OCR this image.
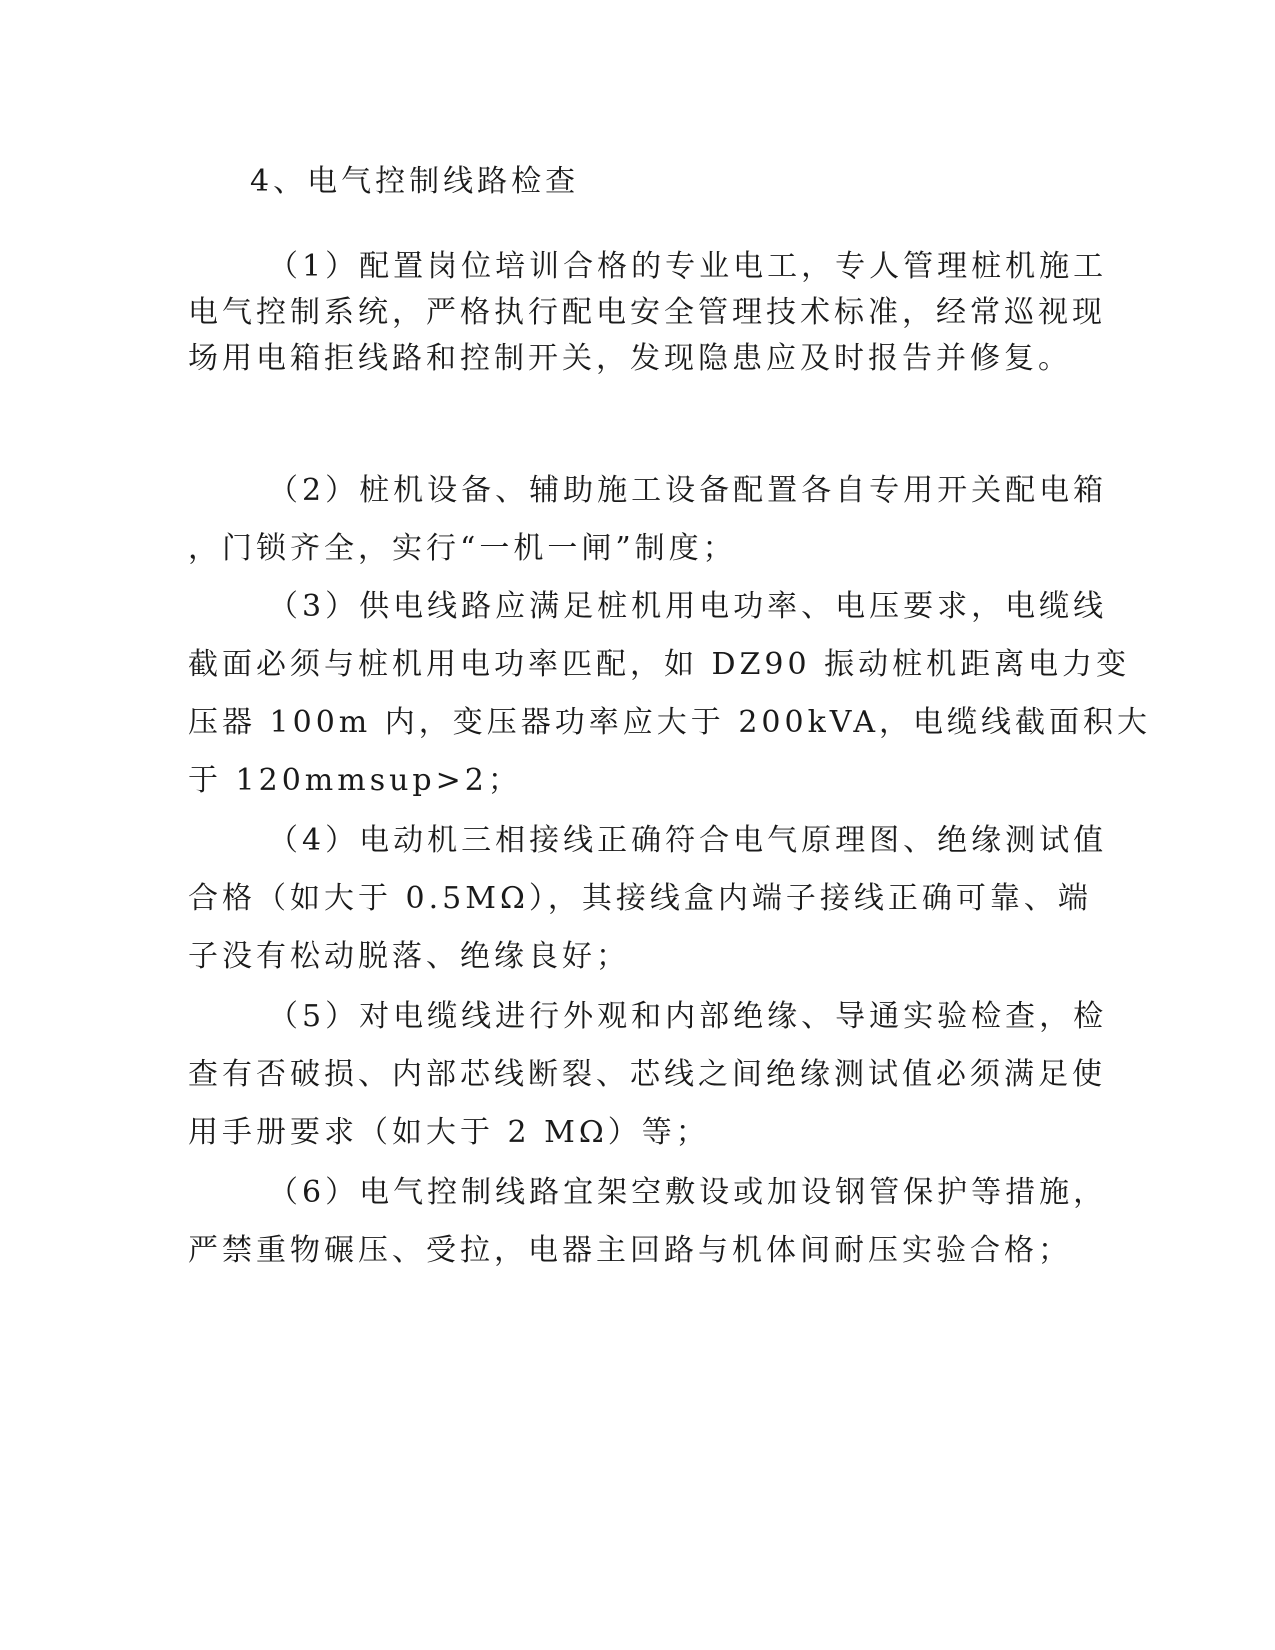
4、电气控制线路检查
（1）配置岗位培训合格的专业电工，专人管理桩机施工
电气控制系统，严格执行配电安全管理技术标准，经常巡视现
场用电箱拒线路和控制开关，发现隐患应及时报告并修复。
（2）桩机设备、辅助施工设备配置各自专用开关配电箱
，门锁齐全，实行“一机一闸”制度；
（3）供电线路应满足桩机用电功率、电压要求，电缆线
截面必须与桩机用电功率匹配，如 DZ90 振动桩机距离电力变
压器 100m 内，变压器功率应大于 200kVA，电缆线截面积大
于 120mmsup>2；
（4）电动机三相接线正确符合电气原理图、绝缘测试值
合格（如大于 0.5MΩ），其接线盒内端子接线正确可靠、端
子没有松动脱落、绝缘良好；
（5）对电缆线进行外观和内部绝缘、导通实验检查，检
查有否破损、内部芯线断裂、芯线之间绝缘测试值必须满足使
用手册要求（如大于 2 MΩ）等；
（6）电气控制线路宜架空敷设或加设钢管保护等措施，
严禁重物碾压、受拉，电器主回路与机体间耐压实验合格；
